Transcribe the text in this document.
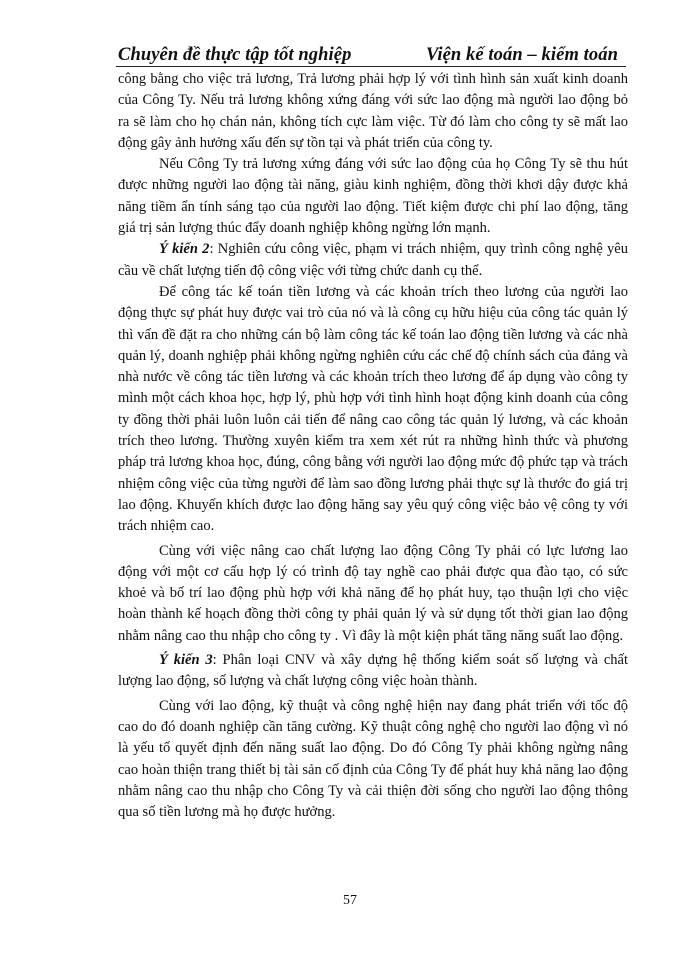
Chuyên đề thực tập tốt nghiệp	Viện kế toán – kiểm toán

công bằng cho việc trả lương, Trả lương phải hợp lý với tình hình sản xuất kinh doanh của Công Ty. Nếu trả lương không xứng đáng với sức lao động mà người lao động bỏ ra sẽ làm cho họ chán nản, không tích cực làm việc. Từ đó làm cho công ty sẽ mất lao động gây ảnh hưởng xấu đến sự tồn tại và phát triển của công ty.

Nếu Công Ty trả lương xứng đáng với sức lao động của họ Công Ty sẽ thu hút được những người lao động tài năng, giàu kinh nghiệm, đồng thời khơi dậy được khả năng tiềm ẩn tính sáng tạo của người lao động. Tiết kiệm được chi phí lao động, tăng giá trị sản lượng thúc đẩy doanh nghiệp không ngừng lớn mạnh.

Ý kiến 2: Nghiên cứu công việc, phạm vi trách nhiệm, quy trình công nghệ yêu cầu về chất lượng tiến độ công việc với từng chức danh cụ thể.

Để công tác kế toán tiền lương và các khoản trích theo lương của người lao động thực sự phát huy được vai trò của nó và là công cụ hữu hiệu của công tác quản lý thì vấn đề đặt ra cho những cán bộ làm công tác kế toán lao động tiền lương và các nhà quản lý, doanh nghiệp phải không ngừng nghiên cứu các chế độ chính sách của đảng và nhà nước về công tác tiền lương và các khoản trích theo lương để áp dụng vào công ty mình một cách khoa học, hợp lý, phù hợp với tình hình hoạt động kinh doanh của công ty đồng thời phải luôn luôn cải tiến để nâng cao công tác quản lý lương, và các khoản trích theo lương. Thường xuyên kiểm tra xem xét rút ra những hình thức và phương pháp trả lương khoa học, đúng, công bằng với người lao động mức độ phức tạp và trách nhiệm công việc của từng người để làm sao đồng lương phải thực sự là thước đo giá trị lao động. Khuyến khích được lao động hăng say yêu quý công việc bảo vệ công ty với trách nhiệm cao.

Cùng với việc nâng cao chất lượng lao động Công Ty phải có lực lương lao động với một cơ cấu hợp lý có trình độ tay nghề cao phải được qua đào tạo, có sức khoẻ và bố trí lao động phù hợp với khả năng để họ phát huy, tạo thuận lợi cho việc hoàn thành kế hoạch đồng thời công ty phải quản lý và sử dụng tốt thời gian lao động nhằm nâng cao thu nhập cho công ty . Vì đây là một kiện phát tăng năng suất lao động.

Ý kiến 3: Phân loại CNV và xây dựng hệ thống kiểm soát số lượng và chất lượng lao động, số lượng và chất lượng công việc hoàn thành.

Cùng với lao động, kỹ thuật và công nghệ hiện nay đang phát triển với tốc độ cao do đó doanh nghiệp cần tăng cường. Kỹ thuật công nghệ cho người lao động vì nó là yếu tố quyết định đến năng suất lao động. Do đó Công Ty phải không ngừng nâng cao hoàn thiện trang thiết bị tài sản cố định của Công Ty để phát huy khả năng lao động nhằm nâng cao thu nhập cho Công Ty và cải thiện đời sống cho người lao động thông qua số tiền lương mà họ được hưởng.

57
